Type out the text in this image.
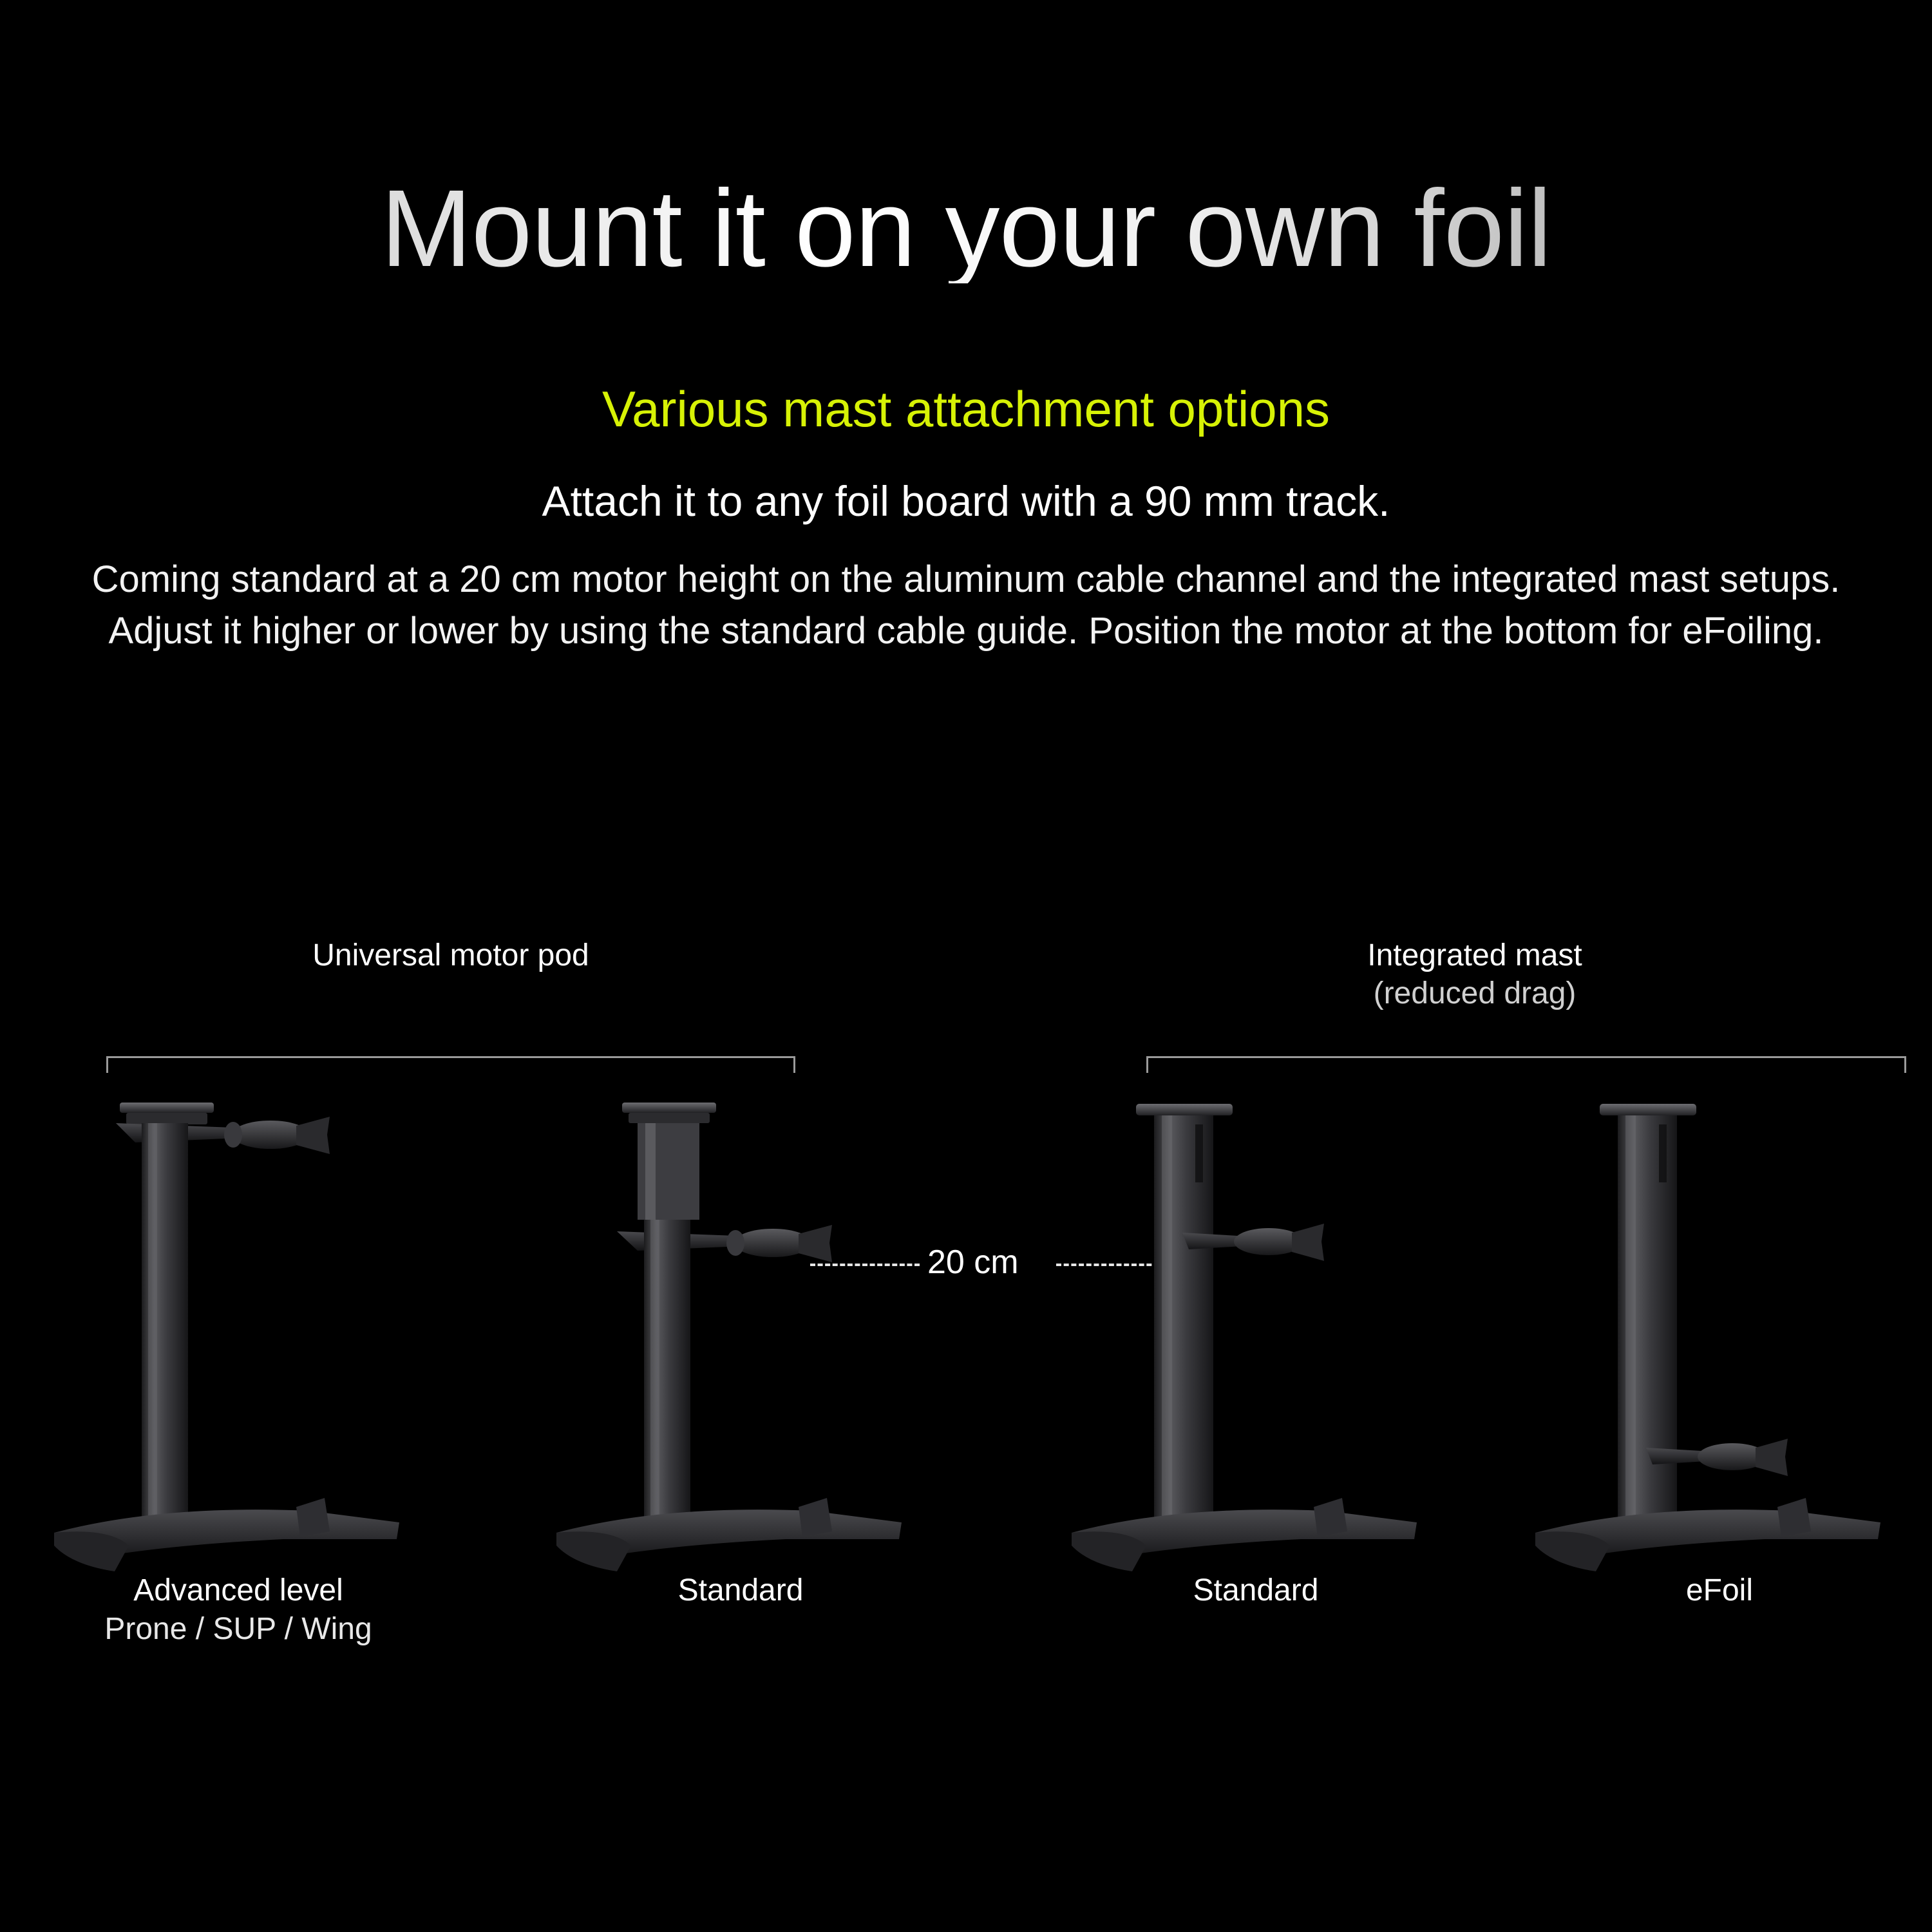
Mount it on your own foil
Various mast attachment options
Attach it to any foil board with a 90 mm track.
Coming standard at a 20 cm motor height on the aluminum cable channel and the integrated mast setups. Adjust it higher or lower by using the standard cable guide. Position the motor at the bottom for eFoiling.
Universal motor pod	Integrated mast
(reduced drag)
20 cm
Advanced level
Prone / SUP / Wing
Standard	Standard	eFoil
